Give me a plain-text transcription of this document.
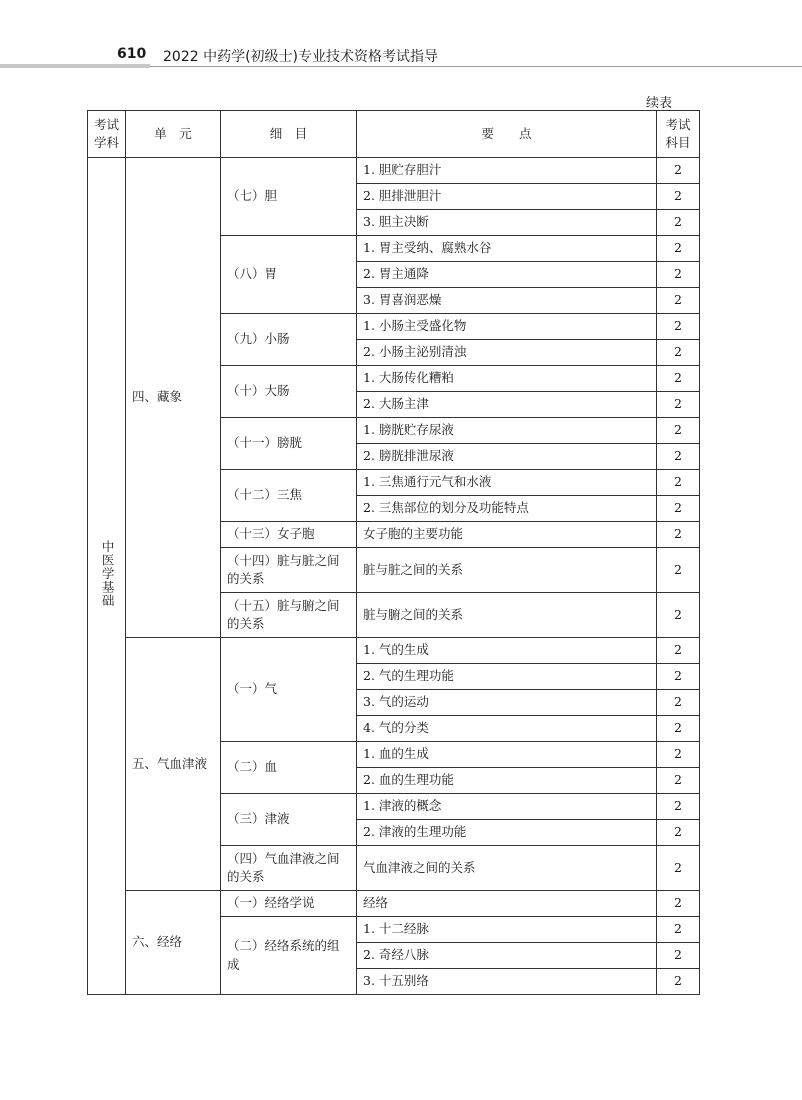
610 2022 中药学(初级士)专业技术资格考试指导
续表
考试学科	单　元	细　目	要　　点	考试科目
中医学基础	四、藏象	（七）胆	1. 胆贮存胆汁	2
			2. 胆排泄胆汁	2
			3. 胆主决断	2
		（八）胃	1. 胃主受纳、腐熟水谷	2
			2. 胃主通降	2
			3. 胃喜润恶燥	2
		（九）小肠	1. 小肠主受盛化物	2
			2. 小肠主泌别清浊	2
		（十）大肠	1. 大肠传化糟粕	2
			2. 大肠主津	2
		（十一）膀胱	1. 膀胱贮存尿液	2
			2. 膀胱排泄尿液	2
		（十二）三焦	1. 三焦通行元气和水液	2
			2. 三焦部位的划分及功能特点	2
		（十三）女子胞	女子胞的主要功能	2
		（十四）脏与脏之间的关系	脏与脏之间的关系	2
		（十五）脏与腑之间的关系	脏与腑之间的关系	2
	五、气血津液	（一）气	1. 气的生成	2
			2. 气的生理功能	2
			3. 气的运动	2
			4. 气的分类	2
		（二）血	1. 血的生成	2
			2. 血的生理功能	2
		（三）津液	1. 津液的概念	2
			2. 津液的生理功能	2
		（四）气血津液之间的关系	气血津液之间的关系	2
	六、经络	（一）经络学说	经络	2
		（二）经络系统的组成	1. 十二经脉	2
			2. 奇经八脉	2
			3. 十五别络	2
